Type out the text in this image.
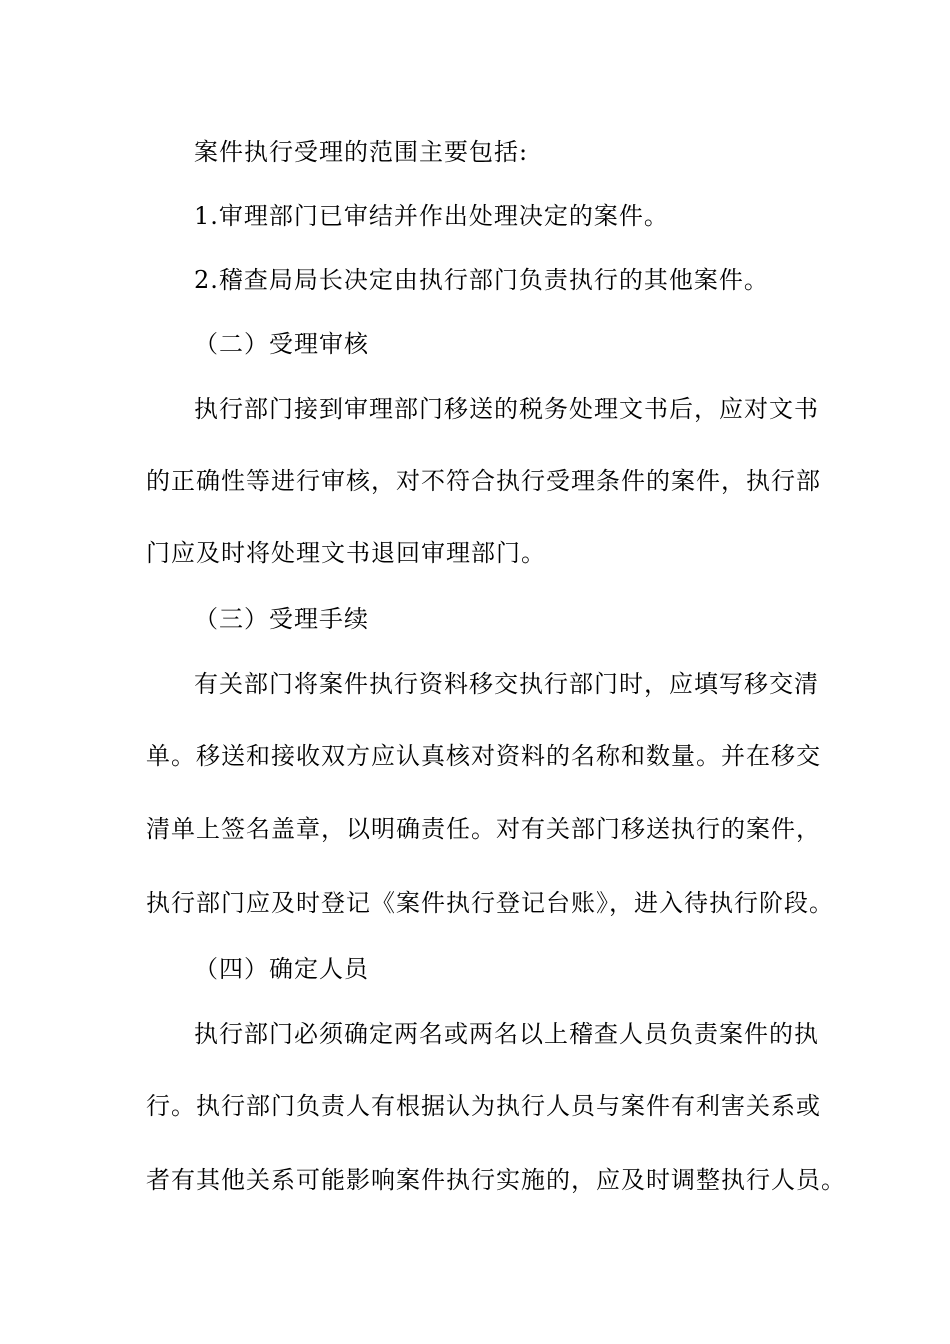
案件执行受理的范围主要包括:
1.审理部门已审结并作出处理决定的案件。
2.稽查局局长决定由执行部门负责执行的其他案件。
（二）受理审核
执行部门接到审理部门移送的税务处理文书后，应对文书
的正确性等进行审核，对不符合执行受理条件的案件，执行部
门应及时将处理文书退回审理部门。
（三）受理手续
有关部门将案件执行资料移交执行部门时，应填写移交清
单。移送和接收双方应认真核对资料的名称和数量。并在移交
清单上签名盖章，以明确责任。对有关部门移送执行的案件，
执行部门应及时登记《案件执行登记台账》，进入待执行阶段。
（四）确定人员
执行部门必须确定两名或两名以上稽查人员负责案件的执
行。执行部门负责人有根据认为执行人员与案件有利害关系或
者有其他关系可能影响案件执行实施的，应及时调整执行人员。
